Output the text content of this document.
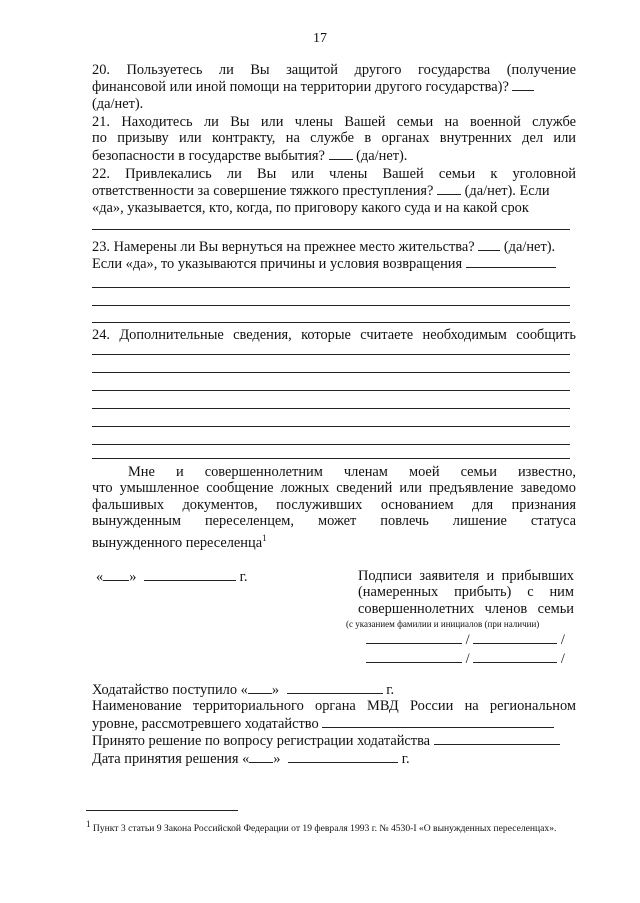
17
20. Пользуетесь ли Вы защитой другого государства (получение
финансовой или иной помощи на территории другого государства)?
(да/нет).
21. Находитесь ли Вы или члены Вашей семьи на военной службе
по призыву или контракту, на службе в органах внутренних дел или
безопасности в государстве выбытия? (да/нет).
22. Привлекались ли Вы или члены Вашей семьи к уголовной
ответственности за совершение тяжкого преступления? (да/нет). Если
«да», указывается, кто, когда, по приговору какого суда и на какой срок
23. Намерены ли Вы вернуться на прежнее место жительства? (да/нет).
Если «да», то указываются причины и условия возвращения
24. Дополнительные сведения, которые считаете необходимым сообщить
Мне и совершеннолетним членам моей семьи известно,
что умышленное сообщение ложных сведений или предъявление заведомо
фальшивых документов, послуживших основанием для признания
вынужденным переселенцем, может повлечь лишение статуса
вынужденного переселенца$^1$
« »	г.	Подписи заявителя и прибывших
(намеренных прибыть) с ним
совершеннолетних членов семьи
(с указанием фамилии и инициалов (при наличии)
/	/
/	/
Ходатайство поступило « »	г.
Наименование территориального органа МВД России на региональном
уровне, рассмотревшего ходатайство
Принято решение по вопросу регистрации ходатайства
Дата принятия решения « »	г.
$^1$ Пункт 3 статьи 9 Закона Российской Федерации от 19 февраля 1993 г. № 4530-I «О вынужденных переселенцах».
